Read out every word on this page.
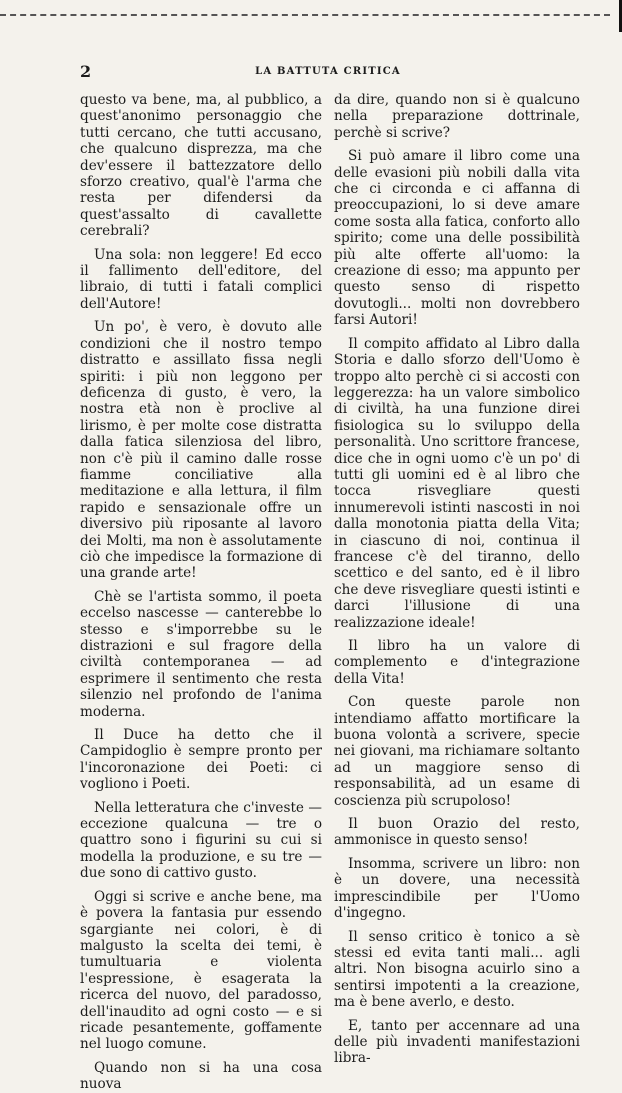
2	LA BATTUTA CRITICA

questo va bene, ma, al pubblico, a quest'anonimo personaggio che tutti cercano, che tutti accusano, che qualcuno disprezza, ma che dev'essere il battezzatore dello sforzo creativo, qual'è l'arma che resta per difendersi da quest'assalto di cavallette cerebrali?

Una sola: non leggere! Ed ecco il fallimento dell'editore, del libraio, di tutti i fatali complici dell'Autore!

Un po', è vero, è dovuto alle condizioni che il nostro tempo distratto e assillato fissa negli spiriti: i più non leggono per deficenza di gusto, è vero, la nostra età non è proclive al lirismo, è per molte cose distratta dalla fatica silenziosa del libro, non c'è più il camino dalle rosse fiamme conciliative alla meditazione e alla lettura, il film rapido e sensazionale offre un diversivo più riposante al lavoro dei Molti, ma non è assolutamente ciò che impedisce la formazione di una grande arte!

Chè se l'artista sommo, il poeta eccelso nascesse — canterebbe lo stesso e s'imporrebbe su le distrazioni e sul fragore della civiltà contemporanea — ad esprimere il sentimento che resta silenzio nel profondo de l'anima moderna.

Il Duce ha detto che il Campidoglio è sempre pronto per l'incoronazione dei Poeti: ci vogliono i Poeti.

Nella letteratura che c'investe — eccezione qualcuna — tre o quattro sono i figurini su cui si modella la produzione, e su tre — due sono di cattivo gusto.

Oggi si scrive e anche bene, ma è povera la fantasia pur essendo sgargiante nei colori, è di malgusto la scelta dei temi, è tumultuaria e violenta l'espressione, è esagerata la ricerca del nuovo, del paradosso, dell'inaudito ad ogni costo — e si ricade pesantemente, goffamente nel luogo comune.

Quando non si ha una cosa nuova

da dire, quando non si è qualcuno nella preparazione dottrinale, perchè si scrive?

Si può amare il libro come una delle evasioni più nobili dalla vita che ci circonda e ci affanna di preoccupazioni, lo si deve amare come sosta alla fatica, conforto allo spirito; come una delle possibilità più alte offerte all'uomo: la creazione di esso; ma appunto per questo senso di rispetto dovutogli... molti non dovrebbero farsi Autori!

Il compito affidato al Libro dalla Storia e dallo sforzo dell'Uomo è troppo alto perchè ci si accosti con leggerezza: ha un valore simbolico di civiltà, ha una funzione direi fisiologica su lo sviluppo della personalità. Uno scrittore francese, dice che in ogni uomo c'è un po' di tutti gli uomini ed è al libro che tocca risvegliare questi innumerevoli istinti nascosti in noi dalla monotonia piatta della Vita; in ciascuno di noi, continua il francese c'è del tiranno, dello scettico e del santo, ed è il libro che deve risvegliare questi istinti e darci l'illusione di una realizzazione ideale!

Il libro ha un valore di complemento e d'integrazione della Vita!

Con queste parole non intendiamo affatto mortificare la buona volontà a scrivere, specie nei giovani, ma richiamare soltanto ad un maggiore senso di responsabilità, ad un esame di coscienza più scrupoloso!

Il buon Orazio del resto, ammonisce in questo senso!

Insomma, scrivere un libro: non è un dovere, una necessità imprescindibile per l'Uomo d'ingegno.

Il senso critico è tonico a sè stessi ed evita tanti mali... agli altri. Non bisogna acuirlo sino a sentirsi impotenti a la creazione, ma è bene averlo, e desto.

E, tanto per accennare ad una delle più invadenti manifestazioni libra-
